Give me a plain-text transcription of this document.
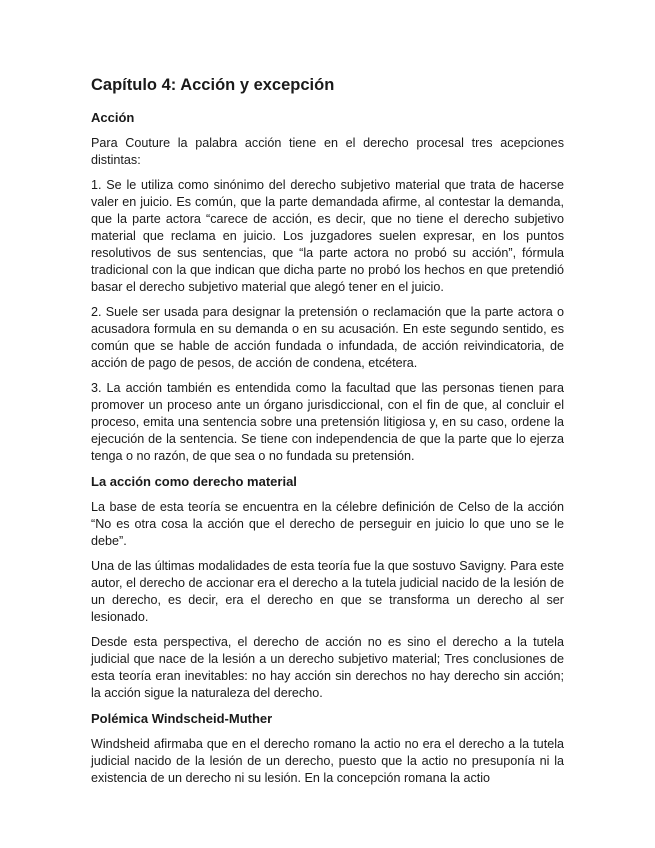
Capítulo 4: Acción y excepción
Acción

Para Couture la palabra acción tiene en el derecho procesal tres acepciones distintas:

1. Se le utiliza como sinónimo del derecho subjetivo material que trata de hacerse valer en juicio. Es común, que la parte demandada afirme, al contestar la demanda, que la parte actora “carece de acción, es decir, que no tiene el derecho subjetivo material que reclama en juicio. Los juzgadores suelen expresar, en los puntos resolutivos de sus sentencias, que “la parte actora no probó su acción”, fórmula tradicional con la que indican que dicha parte no probó los hechos en que pretendió basar el derecho subjetivo material que alegó tener en el juicio.

2. Suele ser usada para designar la pretensión o reclamación que la parte actora o acusadora formula en su demanda o en su acusación. En este segundo sentido, es común que se hable de acción fundada o infundada, de acción reivindicatoria, de acción de pago de pesos, de acción de condena, etcétera.

3. La acción también es entendida como la facultad que las personas tienen para promover un proceso ante un órgano jurisdiccional, con el fin de que, al concluir el proceso, emita una sentencia sobre una pretensión litigiosa y, en su caso, ordene la ejecución de la sentencia. Se tiene con independencia de que la parte que lo ejerza tenga o no razón, de que sea o no fundada su pretensión.

La acción como derecho material

La base de esta teoría se encuentra en la célebre definición de Celso de la acción “No es otra cosa la acción que el derecho de perseguir en juicio lo que uno se le debe”.

Una de las últimas modalidades de esta teoría fue la que sostuvo Savigny. Para este autor, el derecho de accionar era el derecho a la tutela judicial nacido de la lesión de un derecho, es decir, era el derecho en que se transforma un derecho al ser lesionado.

Desde esta perspectiva, el derecho de acción no es sino el derecho a la tutela judicial que nace de la lesión a un derecho subjetivo material; Tres conclusiones de esta teoría eran inevitables: no hay acción sin derechos no hay derecho sin acción; la acción sigue la naturaleza del derecho.

Polémica Windscheid-Muther

Windsheid afirmaba que en el derecho romano la actio no era el derecho a la tutela judicial nacido de la lesión de un derecho, puesto que la actio no presuponía ni la existencia de un derecho ni su lesión. En la concepción romana la actio
